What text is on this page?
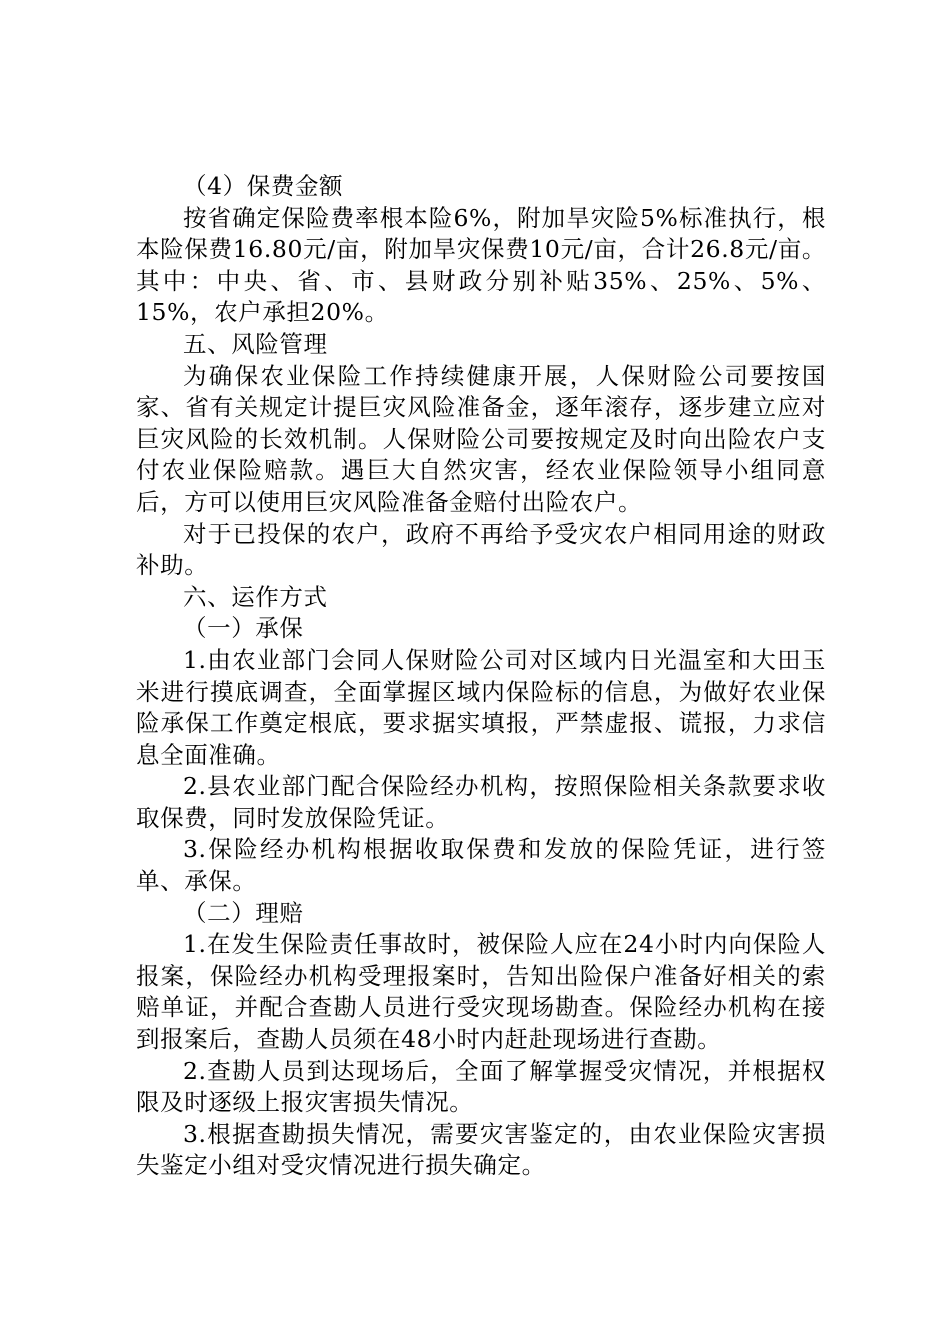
（4）保费金额

按省确定保险费率根本险6%，附加旱灾险5%标准执行，根本险保费16.80元/亩，附加旱灾保费10元/亩，合计26.8元/亩。其中：中央、省、市、县财政分别补贴35%、25%、5%、15%，农户承担20%。

五、风险管理

为确保农业保险工作持续健康开展，人保财险公司要按国家、省有关规定计提巨灾风险准备金，逐年滚存，逐步建立应对巨灾风险的长效机制。人保财险公司要按规定及时向出险农户支付农业保险赔款。遇巨大自然灾害，经农业保险领导小组同意后，方可以使用巨灾风险准备金赔付出险农户。

对于已投保的农户，政府不再给予受灾农户相同用途的财政补助。

六、运作方式

（一）承保

1.由农业部门会同人保财险公司对区域内日光温室和大田玉米进行摸底调查，全面掌握区域内保险标的信息，为做好农业保险承保工作奠定根底，要求据实填报，严禁虚报、谎报，力求信息全面准确。

2.县农业部门配合保险经办机构，按照保险相关条款要求收取保费，同时发放保险凭证。

3.保险经办机构根据收取保费和发放的保险凭证，进行签单、承保。

（二）理赔

1.在发生保险责任事故时，被保险人应在24小时内向保险人报案，保险经办机构受理报案时，告知出险保户准备好相关的索赔单证，并配合查勘人员进行受灾现场勘查。保险经办机构在接到报案后，查勘人员须在48小时内赶赴现场进行查勘。

2.查勘人员到达现场后，全面了解掌握受灾情况，并根据权限及时逐级上报灾害损失情况。

3.根据查勘损失情况，需要灾害鉴定的，由农业保险灾害损失鉴定小组对受灾情况进行损失确定。
